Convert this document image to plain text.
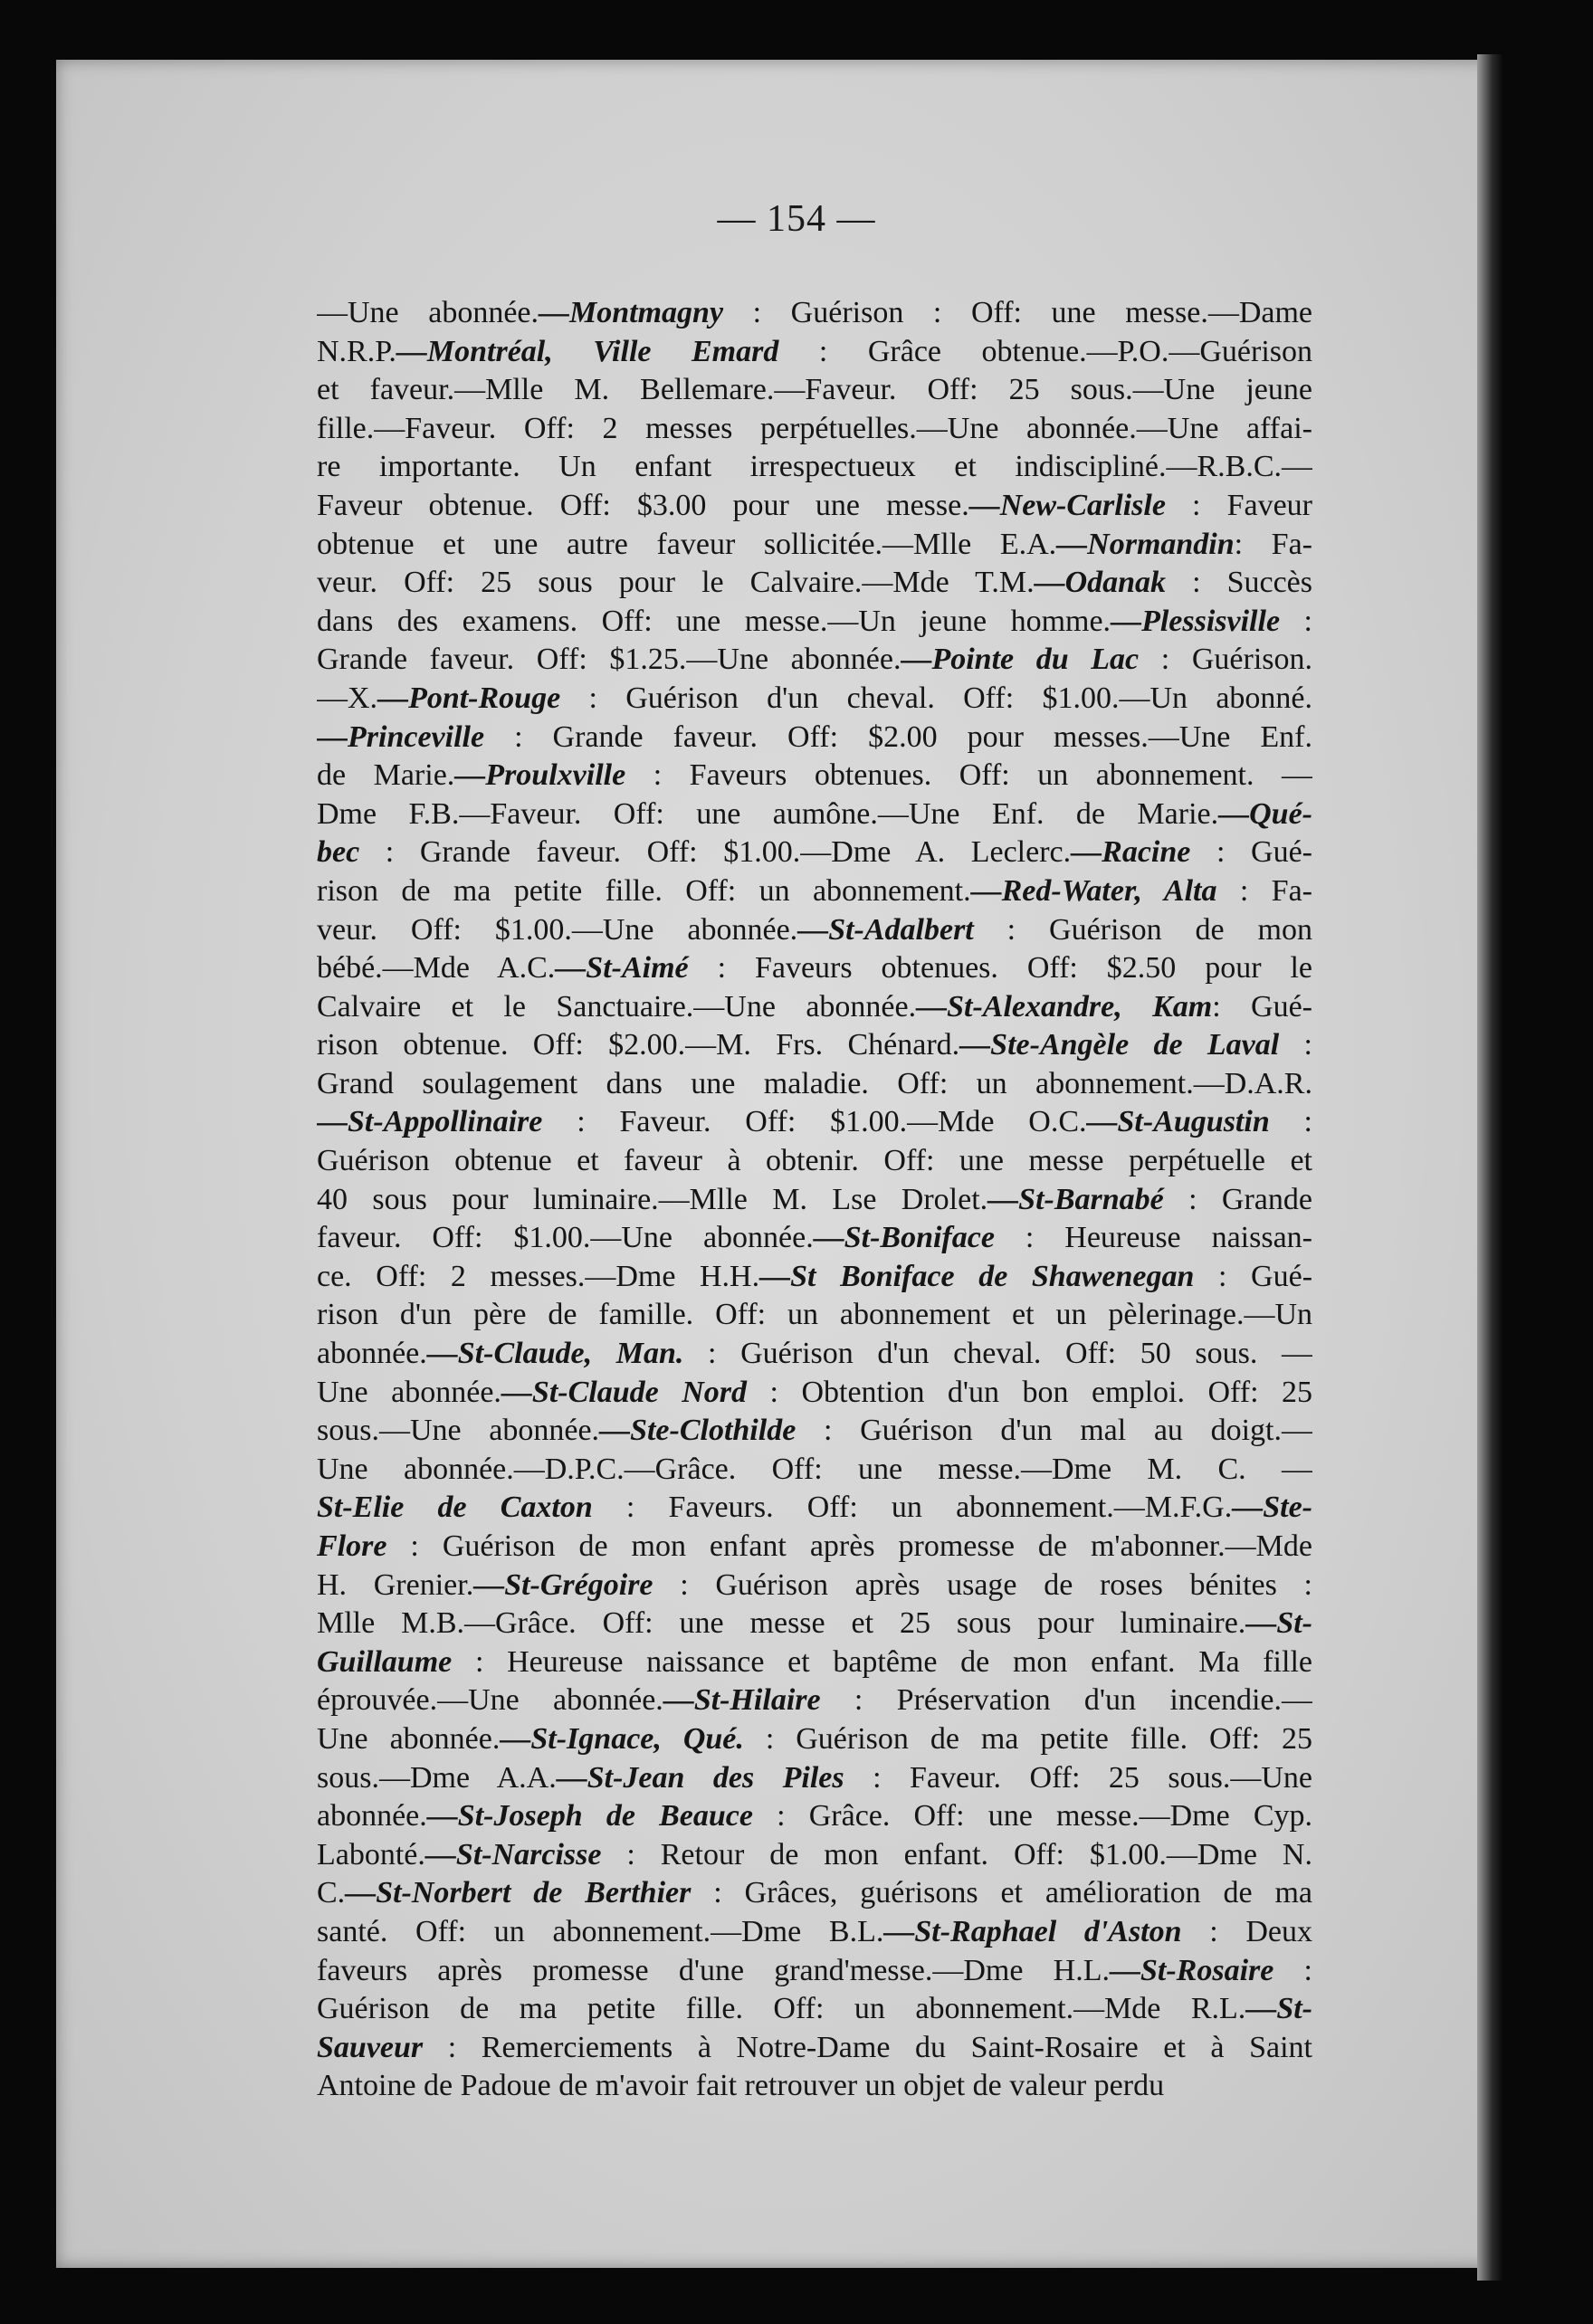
— 154 —
—Une abonnée.—Montmagny : Guérison : Off: une messe.—Dame
N.R.P.—Montréal, Ville Emard : Grâce obtenue.—P.O.—Guérison
et faveur.—Mlle M. Bellemare.—Faveur. Off: 25 sous.—Une jeune
fille.—Faveur. Off: 2 messes perpétuelles.—Une abonnée.—Une affai-
re importante. Un enfant irrespectueux et indiscipliné.—R.B.C.—
Faveur obtenue. Off: $3.00 pour une messe.—New-Carlisle : Faveur
obtenue et une autre faveur sollicitée.—Mlle E.A.—Normandin: Fa-
veur. Off: 25 sous pour le Calvaire.—Mde T.M.—Odanak : Succès
dans des examens. Off: une messe.—Un jeune homme.—Plessisville :
Grande faveur. Off: $1.25.—Une abonnée.—Pointe du Lac : Guérison.
—X.—Pont-Rouge : Guérison d'un cheval. Off: $1.00.—Un abonné.
—Princeville : Grande faveur. Off: $2.00 pour messes.—Une Enf.
de Marie.—Proulxville : Faveurs obtenues. Off: un abonnement. —
Dme F.B.—Faveur. Off: une aumône.—Une Enf. de Marie.—Qué-
bec : Grande faveur. Off: $1.00.—Dme A. Leclerc.—Racine : Gué-
rison de ma petite fille. Off: un abonnement.—Red-Water, Alta : Fa-
veur. Off: $1.00.—Une abonnée.—St-Adalbert : Guérison de mon
bébé.—Mde A.C.—St-Aimé : Faveurs obtenues. Off: $2.50 pour le
Calvaire et le Sanctuaire.—Une abonnée.—St-Alexandre, Kam: Gué-
rison obtenue. Off: $2.00.—M. Frs. Chénard.—Ste-Angèle de Laval :
Grand soulagement dans une maladie. Off: un abonnement.—D.A.R.
—St-Appollinaire : Faveur. Off: $1.00.—Mde O.C.—St-Augustin :
Guérison obtenue et faveur à obtenir. Off: une messe perpétuelle et
40 sous pour luminaire.—Mlle M. Lse Drolet.—St-Barnabé : Grande
faveur. Off: $1.00.—Une abonnée.—St-Boniface : Heureuse naissan-
ce. Off: 2 messes.—Dme H.H.—St Boniface de Shawenegan : Gué-
rison d'un père de famille. Off: un abonnement et un pèlerinage.—Un
abonnée.—St-Claude, Man. : Guérison d'un cheval. Off: 50 sous. —
Une abonnée.—St-Claude Nord : Obtention d'un bon emploi. Off: 25
sous.—Une abonnée.—Ste-Clothilde : Guérison d'un mal au doigt.—
Une abonnée.—D.P.C.—Grâce. Off: une messe.—Dme M. C. —
St-Elie de Caxton : Faveurs. Off: un abonnement.—M.F.G.—Ste-
Flore : Guérison de mon enfant après promesse de m'abonner.—Mde
H. Grenier.—St-Grégoire : Guérison après usage de roses bénites :
Mlle M.B.—Grâce. Off: une messe et 25 sous pour luminaire.—St-
Guillaume : Heureuse naissance et baptême de mon enfant. Ma fille
éprouvée.—Une abonnée.—St-Hilaire : Préservation d'un incendie.—
Une abonnée.—St-Ignace, Qué. : Guérison de ma petite fille. Off: 25
sous.—Dme A.A.—St-Jean des Piles : Faveur. Off: 25 sous.—Une
abonnée.—St-Joseph de Beauce : Grâce. Off: une messe.—Dme Cyp.
Labonté.—St-Narcisse : Retour de mon enfant. Off: $1.00.—Dme N.
C.—St-Norbert de Berthier : Grâces, guérisons et amélioration de ma
santé. Off: un abonnement.—Dme B.L.—St-Raphael d'Aston : Deux
faveurs après promesse d'une grand'messe.—Dme H.L.—St-Rosaire :
Guérison de ma petite fille. Off: un abonnement.—Mde R.L.—St-
Sauveur : Remerciements à Notre-Dame du Saint-Rosaire et à Saint
Antoine de Padoue de m'avoir fait retrouver un objet de valeur perdu
